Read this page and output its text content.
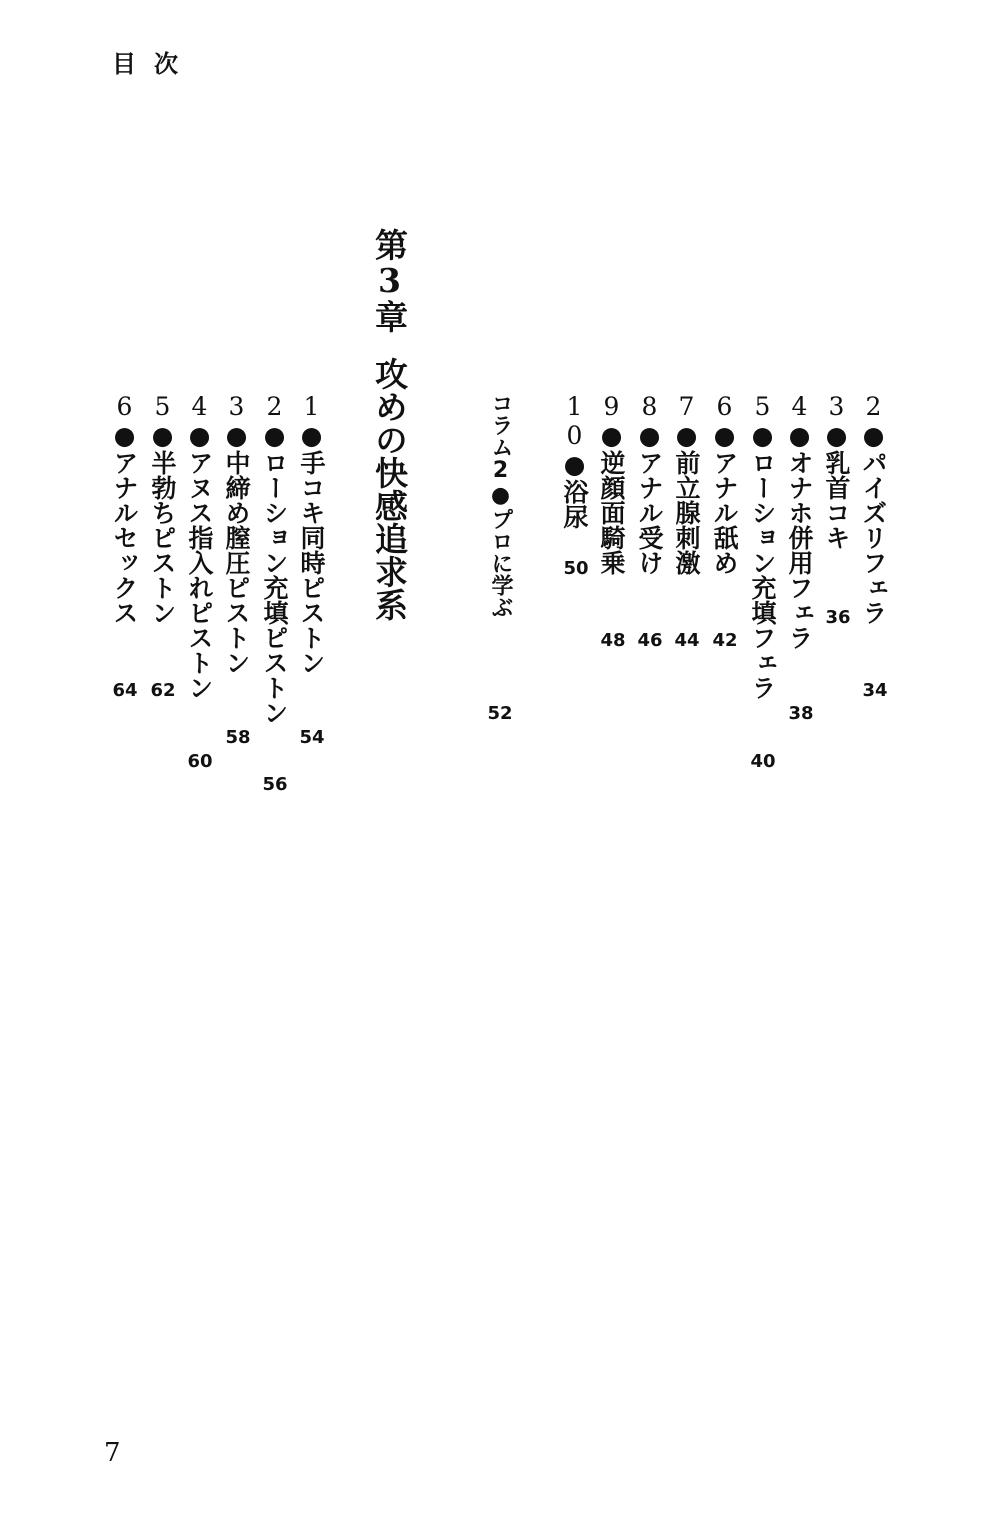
目次
2●パイズリフェラ
34
3●乳首コキ
36
4●オナホ併用フェラ
38
5●ローション充填フェラ
40
6●アナル舐め
42
7●前立腺刺激
44
8●アナル受け
46
9●逆顔面騎乗
48
10●浴尿
50
コラム2●プロに学ぶ
52
第3章
攻めの快感追求系
1●手コキ同時ピストン
54
2●ローション充填ピストン
56
3●中締め膣圧ピストン
58
4●アヌス指入れピストン
60
5●半勃ちピストン
62
6●アナルセックス
64
7
